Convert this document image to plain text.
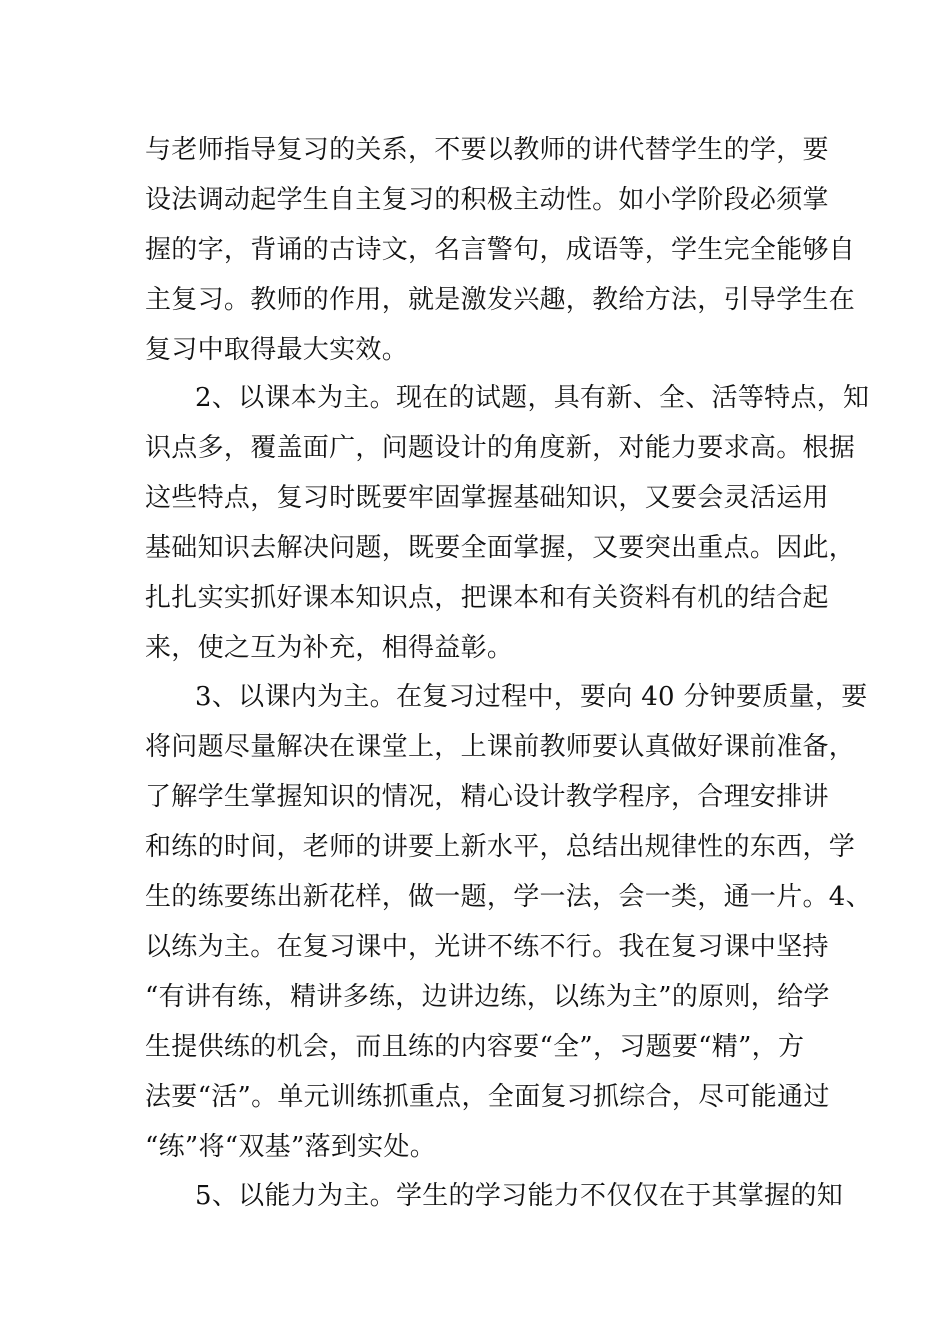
与老师指导复习的关系，不要以教师的讲代替学生的学，要
设法调动起学生自主复习的积极主动性。如小学阶段必须掌
握的字，背诵的古诗文，名言警句，成语等，学生完全能够自
主复习。教师的作用，就是激发兴趣，教给方法，引导学生在
复习中取得最大实效。
2、以课本为主。现在的试题，具有新、全、活等特点，知
识点多，覆盖面广，问题设计的角度新，对能力要求高。根据
这些特点，复习时既要牢固掌握基础知识，又要会灵活运用
基础知识去解决问题，既要全面掌握，又要突出重点。因此，
扎扎实实抓好课本知识点，把课本和有关资料有机的结合起
来，使之互为补充，相得益彰。
3、以课内为主。在复习过程中，要向 40 分钟要质量，要
将问题尽量解决在课堂上，上课前教师要认真做好课前准备，
了解学生掌握知识的情况，精心设计教学程序，合理安排讲
和练的时间，老师的讲要上新水平，总结出规律性的东西，学
生的练要练出新花样，做一题，学一法，会一类，通一片。4、
以练为主。在复习课中，光讲不练不行。我在复习课中坚持
“有讲有练，精讲多练，边讲边练，以练为主”的原则，给学
生提供练的机会，而且练的内容要“全”，习题要“精”，方
法要“活”。单元训练抓重点，全面复习抓综合，尽可能通过
“练”将“双基”落到实处。
5、以能力为主。学生的学习能力不仅仅在于其掌握的知
